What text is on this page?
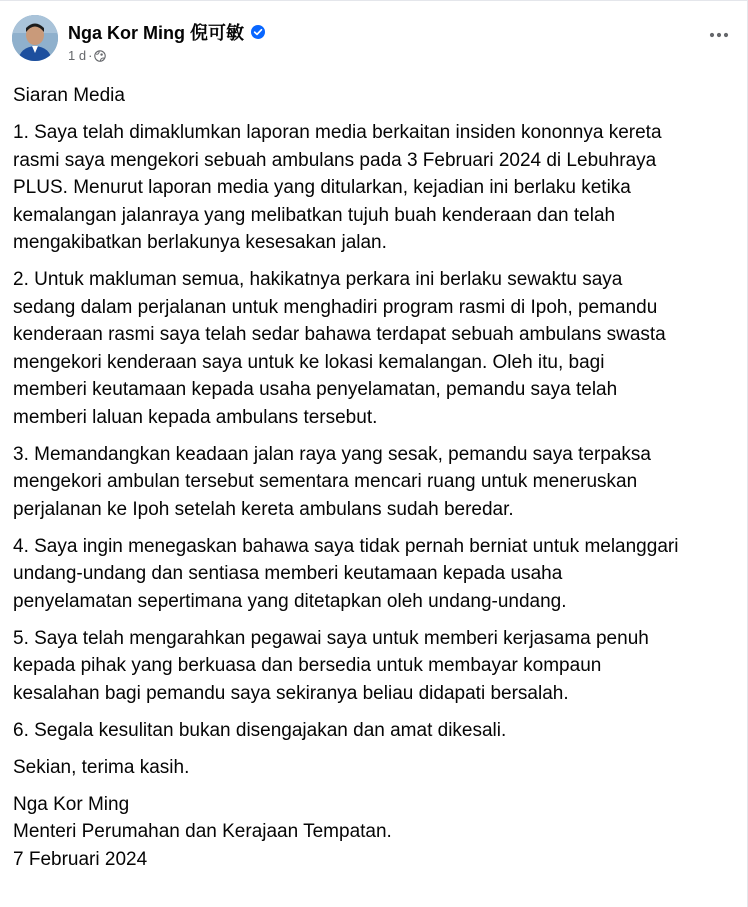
Nga Kor Ming 倪可敏
1 d ·

Siaran Media

1. Saya telah dimaklumkan laporan media berkaitan insiden kononnya kereta
rasmi saya mengekori sebuah ambulans pada 3 Februari 2024 di Lebuhraya
PLUS. Menurut laporan media yang ditularkan, kejadian ini berlaku ketika
kemalangan jalanraya yang melibatkan tujuh buah kenderaan dan telah
mengakibatkan berlakunya kesesakan jalan.

2. Untuk makluman semua, hakikatnya perkara ini berlaku sewaktu saya
sedang dalam perjalanan untuk menghadiri program rasmi di Ipoh, pemandu
kenderaan rasmi saya telah sedar bahawa terdapat sebuah ambulans swasta
mengekori kenderaan saya untuk ke lokasi kemalangan. Oleh itu, bagi
memberi keutamaan kepada usaha penyelamatan, pemandu saya telah
memberi laluan kepada ambulans tersebut.

3. Memandangkan keadaan jalan raya yang sesak, pemandu saya terpaksa
mengekori ambulan tersebut sementara mencari ruang untuk meneruskan
perjalanan ke Ipoh setelah kereta ambulans sudah beredar.

4. Saya ingin menegaskan bahawa saya tidak pernah berniat untuk melanggari
undang-undang dan sentiasa memberi keutamaan kepada usaha
penyelamatan sepertimana yang ditetapkan oleh undang-undang.

5. Saya telah mengarahkan pegawai saya untuk memberi kerjasama penuh
kepada pihak yang berkuasa dan bersedia untuk membayar kompaun
kesalahan bagi pemandu saya sekiranya beliau didapati bersalah.

6. Segala kesulitan bukan disengajakan dan amat dikesali.

Sekian, terima kasih.

Nga Kor Ming
Menteri Perumahan dan Kerajaan Tempatan.
7 Februari 2024
